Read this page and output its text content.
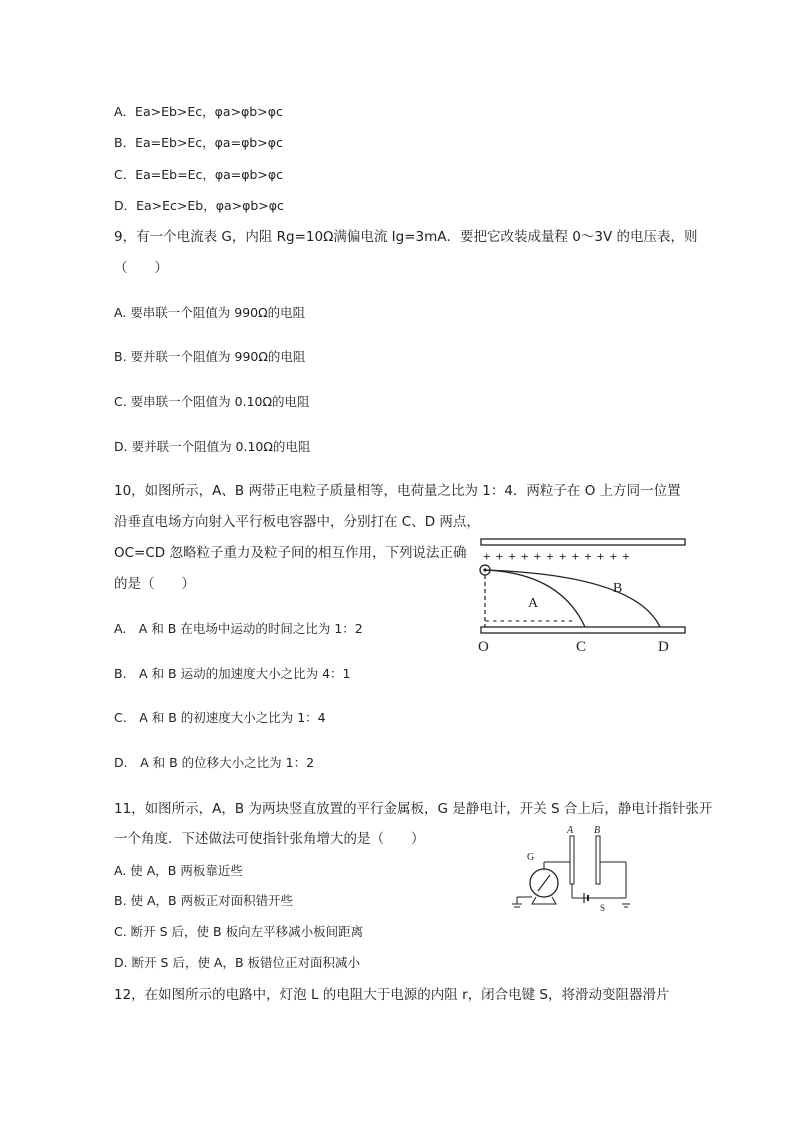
A．Ea>Eb>Ec，φa>φb>φc
B．Ea=Eb>Ec，φa=φb>φc
C．Ea=Eb=Ec，φa=φb>φc
D．Ea>Ec>Eb，φa>φb>φc
9，有一个电流表 G，内阻 Rg=10Ω满偏电流 Ig=3mA．要把它改装成量程 0～3V 的电压表，则
（　　）
A. 要串联一个阻值为 990Ω的电阻
B. 要并联一个阻值为 990Ω的电阻
C. 要串联一个阻值为 0.10Ω的电阻
D. 要并联一个阻值为 0.10Ω的电阻
10，如图所示，A、B 两带正电粒子质量相等，电荷量之比为 1：4．两粒子在 O 上方同一位置
沿垂直电场方向射入平行板电容器中，分别打在 C、D 两点，
OC=CD 忽略粒子重力及粒子间的相互作用，下列说法正确
的是（　　）
A.　A 和 B 在电场中运动的时间之比为 1：2
B.　A 和 B 运动的加速度大小之比为 4：1
C.　A 和 B 的初速度大小之比为 1：4
D.　A 和 B 的位移大小之比为 1：2
+ + + + + + + + + + + +
- - - - - - - - - - - -
A
B
O	C	D
11，如图所示，A，B 为两块竖直放置的平行金属板，G 是静电计，开关 S 合上后，静电计指针张开
一个角度．下述做法可使指针张角增大的是（　　）
A. 使 A，B 两板靠近些
B. 使 A，B 两板正对面积错开些
C. 断开 S 后，使 B 板向左平移减小板间距离
D. 断开 S 后，使 A，B 板错位正对面积减小
A B
G
S
12，在如图所示的电路中，灯泡 L 的电阻大于电源的内阻 r，闭合电键 S，将滑动变阻器滑片
